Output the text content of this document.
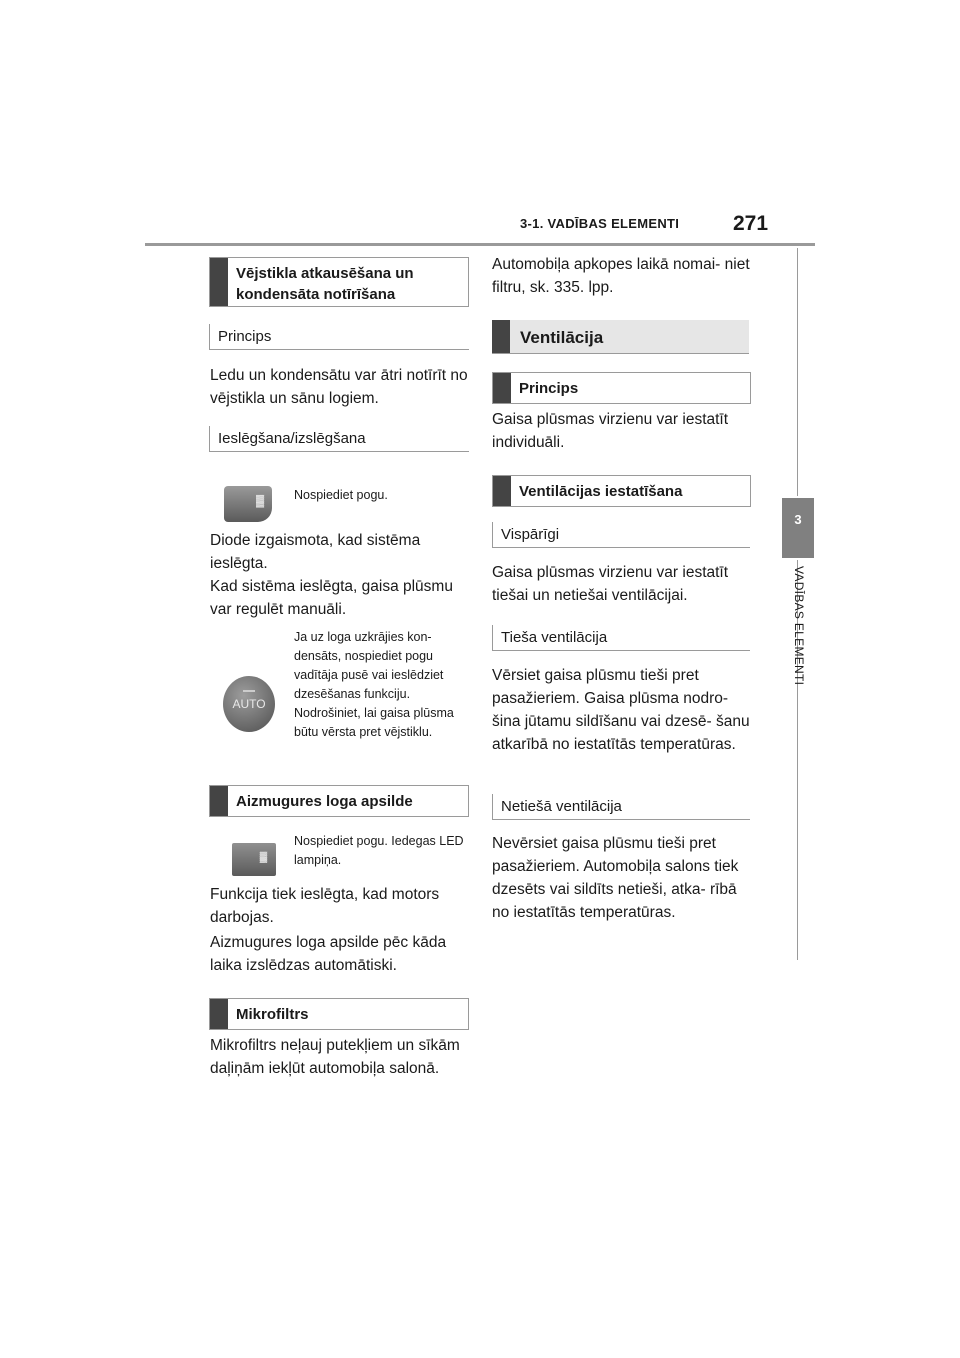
3-1. VADĪBAS ELEMENTI	271
3
VADĪBAS ELEMENTI
Vējstikla atkausēšana un kondensāta notīrīšana
Princips
Ledu un kondensātu var ātri notīrīt no vējstikla un sānu logiem.
Ieslēgšana/izslēgšana
▓ Nospiediet pogu.
Diode izgaismota, kad sistēma ieslēgta.
Kad sistēma ieslēgta, gaisa plūsmu var regulēt manuāli.
AUTO
Ja uz loga uzkrājies kon- densāts, nospiediet pogu vadītāja pusē vai ieslēdziet dzesēšanas funkciju. Nodrošiniet, lai gaisa plūsma būtu vērsta pret vējstiklu.
Aizmugures loga apsilde
▓
Nospiediet pogu. Iedegas LED lampiņa.
Funkcija tiek ieslēgta, kad motors darbojas.
Aizmugures loga apsilde pēc kāda laika izslēdzas automātiski.
Mikrofiltrs
Mikrofiltrs neļauj putekļiem un sīkām daļiņām iekļūt automobiļa salonā.
Automobiļa apkopes laikā nomai- niet filtru, sk. 335. lpp.
Ventilācija
Princips
Gaisa plūsmas virzienu var iestatīt individuāli.
Ventilācijas iestatīšana
Vispārīgi
Gaisa plūsmas virzienu var iestatīt tiešai un netiešai ventilācijai.
Tieša ventilācija
Vērsiet gaisa plūsmu tieši pret pasažieriem. Gaisa plūsma nodro- šina jūtamu sildīšanu vai dzesē- šanu atkarībā no iestatītās temperatūras.
Netiešā ventilācija
Nevērsiet gaisa plūsmu tieši pret pasažieriem. Automobiļa salons tiek dzesēts vai sildīts netieši, atka- rībā no iestatītās temperatūras.
